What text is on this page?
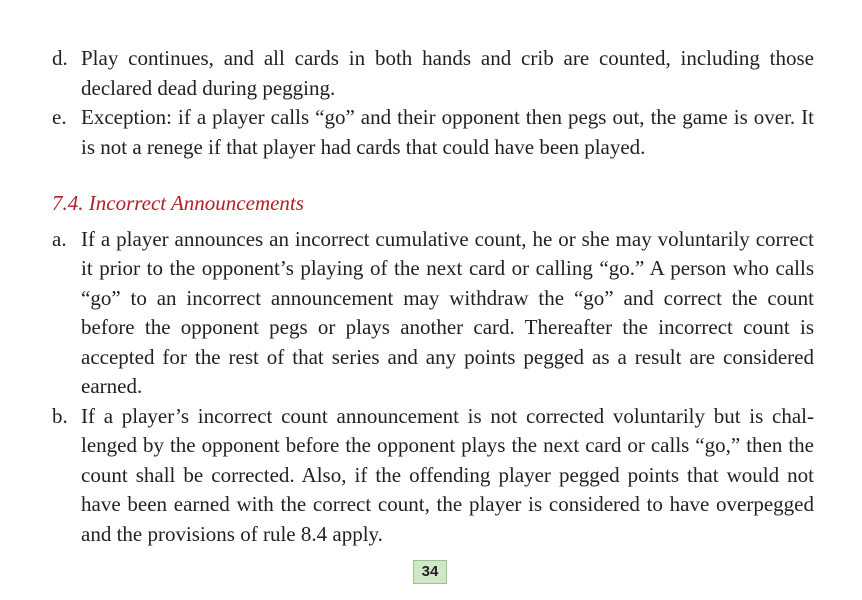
d. Play continues, and all cards in both hands and crib are counted, including those declared dead during pegging.
e. Exception: if a player calls “go” and their opponent then pegs out, the game is over. It is not a renege if that player had cards that could have been played.
7.4. Incorrect Announcements
a. If a player announces an incorrect cumulative count, he or she may voluntarily correct it prior to the opponent’s playing of the next card or calling “go.” A person who calls “go” to an incorrect announcement may withdraw the “go” and correct the count before the opponent pegs or plays another card. Thereafter the incorrect count is accepted for the rest of that series and any points pegged as a result are considered earned.
b. If a player’s incorrect count announcement is not corrected voluntarily but is challenged by the opponent before the opponent plays the next card or calls “go,” then the count shall be corrected. Also, if the offending player pegged points that would not have been earned with the correct count, the player is considered to have overpegged and the provisions of rule 8.4 apply.
34
